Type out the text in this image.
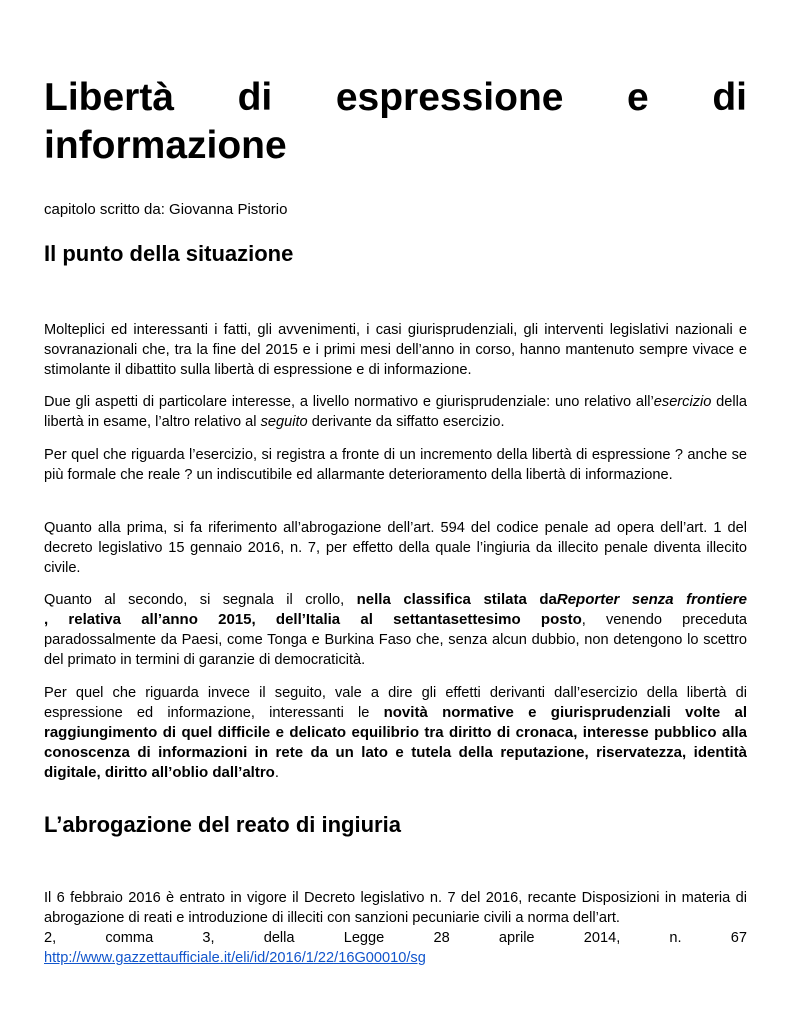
Libertà di espressione e di
informazione

capitolo scritto da: Giovanna Pistorio

Il punto della situazione

Molteplici ed interessanti i fatti, gli avvenimenti, i casi giurisprudenziali, gli interventi legislativi nazionali e sovranazionali che, tra la fine del 2015 e i primi mesi dell’anno in corso, hanno mantenuto sempre vivace e stimolante il dibattito sulla libertà di espressione e di informazione.

Due gli aspetti di particolare interesse, a livello normativo e giurisprudenziale: uno relativo all’esercizio della libertà in esame, l’altro relativo al seguito derivante da siffatto esercizio.

Per quel che riguarda l’esercizio, si registra a fronte di un incremento della libertà di espressione ? anche se più formale che reale ? un indiscutibile ed allarmante deterioramento della libertà di informazione.

Quanto alla prima, si fa riferimento all’abrogazione dell’art. 594 del codice penale ad opera dell’art. 1 del decreto legislativo 15 gennaio 2016, n. 7, per effetto della quale l’ingiuria da illecito penale diventa illecito civile.

Quanto al secondo, si segnala il crollo, nella classifica stilata daReporter senza frontiere
, relativa all’anno 2015, dell’Italia al settantasettesimo posto, venendo preceduta
paradossalmente da Paesi, come Tonga e Burkina Faso che, senza alcun dubbio, non detengono lo scettro del primato in termini di garanzie di democraticità.

Per quel che riguarda invece il seguito, vale a dire gli effetti derivanti dall’esercizio della libertà di espressione ed informazione, interessanti le novità normative e giurisprudenziali volte al raggiungimento di quel difficile e delicato equilibrio tra diritto di cronaca, interesse pubblico alla conoscenza di informazioni in rete da un lato e tutela della reputazione, riservatezza, identità digitale, diritto all’oblio dall’altro.

L’abrogazione del reato di ingiuria

Il 6 febbraio 2016 è entrato in vigore il Decreto legislativo n. 7 del 2016, recante Disposizioni in materia di abrogazione di reati e introduzione di illeciti con sanzioni pecuniarie civili a norma dell’art.
2, comma 3, della Legge 28 aprile 2014, n. 67
http://www.gazzettaufficiale.it/eli/id/2016/1/22/16G00010/sg
